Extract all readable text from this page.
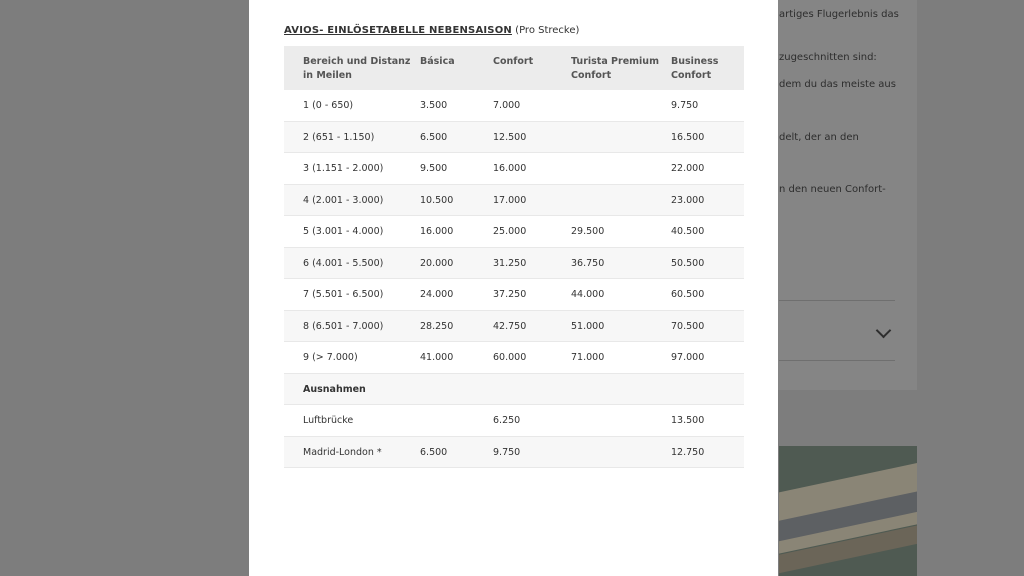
artiges Flugerlebnis das
zugeschnitten sind:
dem du das meiste aus
delt, der an den
n den neuen Confort-
AVIOS- EINLÖSETABELLE NEBENSAISON (Pro Strecke)
Bereich und Distanz in Meilen	Básica	Confort	Turista Premium Confort	Business Confort
1 (0 - 650)	3.500	7.000		9.750
2 (651 - 1.150)	6.500	12.500		16.500
3 (1.151 - 2.000)	9.500	16.000		22.000
4 (2.001 - 3.000)	10.500	17.000		23.000
5 (3.001 - 4.000)	16.000	25.000	29.500	40.500
6 (4.001 - 5.500)	20.000	31.250	36.750	50.500
7 (5.501 - 6.500)	24.000	37.250	44.000	60.500
8 (6.501 - 7.000)	28.250	42.750	51.000	70.500
9 (> 7.000)	41.000	60.000	71.000	97.000
Ausnahmen				
Luftbrücke		6.250		13.500
Madrid-London *	6.500	9.750		12.750
